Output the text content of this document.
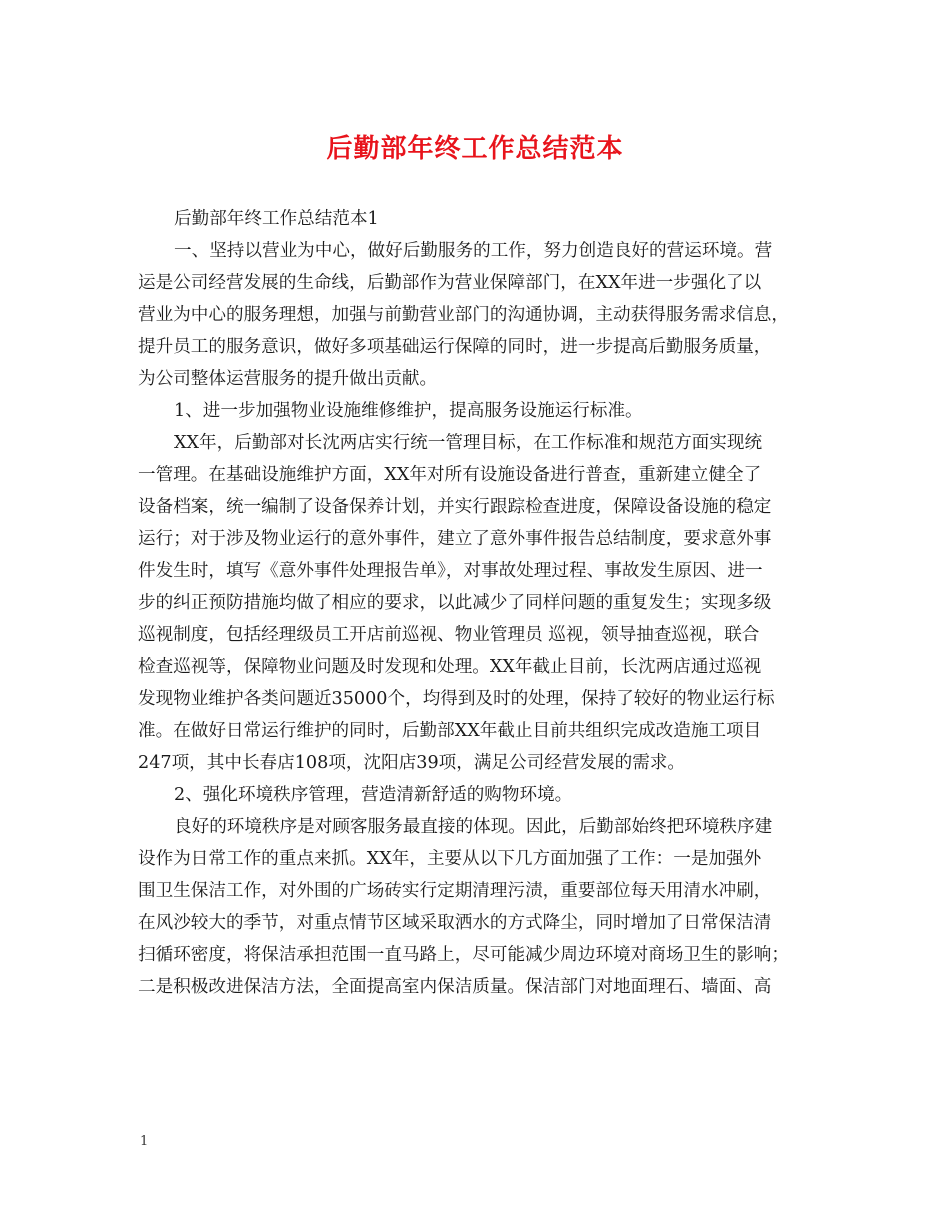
后勤部年终工作总结范本
后勤部年终工作总结范本1
一、坚持以营业为中心，做好后勤服务的工作，努力创造良好的营运环境。营
运是公司经营发展的生命线，后勤部作为营业保障部门，在XX年进一步强化了以
营业为中心的服务理想，加强与前勤营业部门的沟通协调，主动获得服务需求信息，
提升员工的服务意识，做好多项基础运行保障的同时，进一步提高后勤服务质量，
为公司整体运营服务的提升做出贡献。
1、进一步加强物业设施维修维护，提高服务设施运行标准。
XX年，后勤部对长沈两店实行统一管理目标，在工作标准和规范方面实现统
一管理。在基础设施维护方面，XX年对所有设施设备进行普查，重新建立健全了
设备档案，统一编制了设备保养计划，并实行跟踪检查进度，保障设备设施的稳定
运行；对于涉及物业运行的意外事件，建立了意外事件报告总结制度，要求意外事
件发生时，填写《意外事件处理报告单》，对事故处理过程、事故发生原因、进一
步的纠正预防措施均做了相应的要求，以此减少了同样问题的重复发生；实现多级
巡视制度，包括经理级员工开店前巡视、物业管理员 巡视，领导抽查巡视，联合
检查巡视等，保障物业问题及时发现和处理。XX年截止目前，长沈两店通过巡视
发现物业维护各类问题近35000个，均得到及时的处理，保持了较好的物业运行标
准。在做好日常运行维护的同时，后勤部XX年截止目前共组织完成改造施工项目
247项，其中长春店108项，沈阳店39项，满足公司经营发展的需求。
2、强化环境秩序管理，营造清新舒适的购物环境。
良好的环境秩序是对顾客服务最直接的体现。因此，后勤部始终把环境秩序建
设作为日常工作的重点来抓。XX年，主要从以下几方面加强了工作：一是加强外
围卫生保洁工作，对外围的广场砖实行定期清理污渍，重要部位每天用清水冲刷，
在风沙较大的季节，对重点情节区域采取洒水的方式降尘，同时增加了日常保洁清
扫循环密度，将保洁承担范围一直马路上，尽可能减少周边环境对商场卫生的影响；
二是积极改进保洁方法，全面提高室内保洁质量。保洁部门对地面理石、墙面、高
1
